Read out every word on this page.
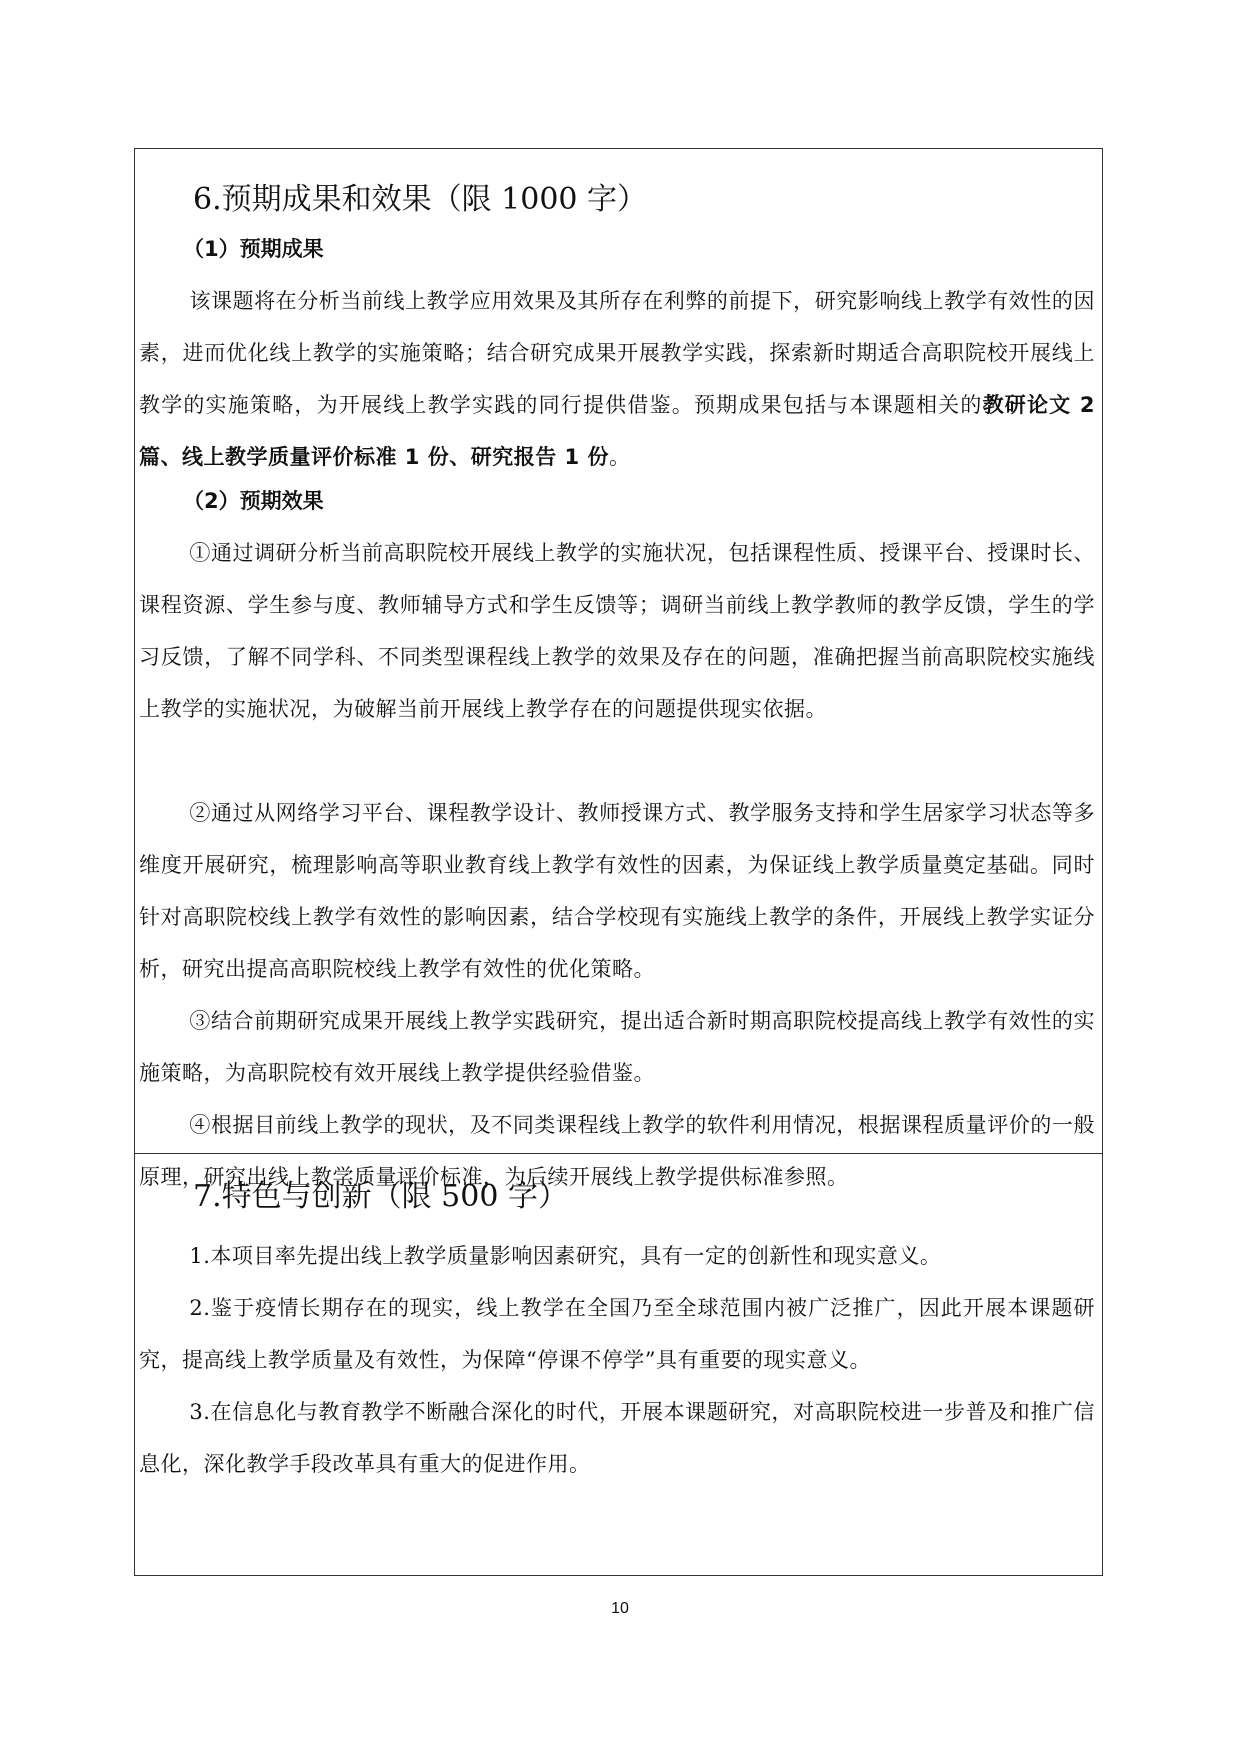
6.预期成果和效果（限 1000 字）
（1）预期成果

该课题将在分析当前线上教学应用效果及其所存在利弊的前提下，研究影响线上教学有效性的因素，进而优化线上教学的实施策略；结合研究成果开展教学实践，探索新时期适合高职院校开展线上教学的实施策略，为开展线上教学实践的同行提供借鉴。预期成果包括与本课题相关的教研论文 2 篇、线上教学质量评价标准 1 份、研究报告 1 份。

（2）预期效果

①通过调研分析当前高职院校开展线上教学的实施状况，包括课程性质、授课平台、授课时长、课程资源、学生参与度、教师辅导方式和学生反馈等；调研当前线上教学教师的教学反馈，学生的学习反馈，了解不同学科、不同类型课程线上教学的效果及存在的问题，准确把握当前高职院校实施线上教学的实施状况，为破解当前开展线上教学存在的问题提供现实依据。

②通过从网络学习平台、课程教学设计、教师授课方式、教学服务支持和学生居家学习状态等多维度开展研究，梳理影响高等职业教育线上教学有效性的因素，为保证线上教学质量奠定基础。同时针对高职院校线上教学有效性的影响因素，结合学校现有实施线上教学的条件，开展线上教学实证分析，研究出提高高职院校线上教学有效性的优化策略。

③结合前期研究成果开展线上教学实践研究，提出适合新时期高职院校提高线上教学有效性的实施策略，为高职院校有效开展线上教学提供经验借鉴。

④根据目前线上教学的现状，及不同类课程线上教学的软件利用情况，根据课程质量评价的一般原理，研究出线上教学质量评价标准，为后续开展线上教学提供标准参照。

7.特色与创新（限 500 字）

1.本项目率先提出线上教学质量影响因素研究，具有一定的创新性和现实意义。

2.鉴于疫情长期存在的现实，线上教学在全国乃至全球范围内被广泛推广，因此开展本课题研究，提高线上教学质量及有效性，为保障“停课不停学”具有重要的现实意义。

3.在信息化与教育教学不断融合深化的时代，开展本课题研究，对高职院校进一步普及和推广信息化，深化教学手段改革具有重大的促进作用。

10
